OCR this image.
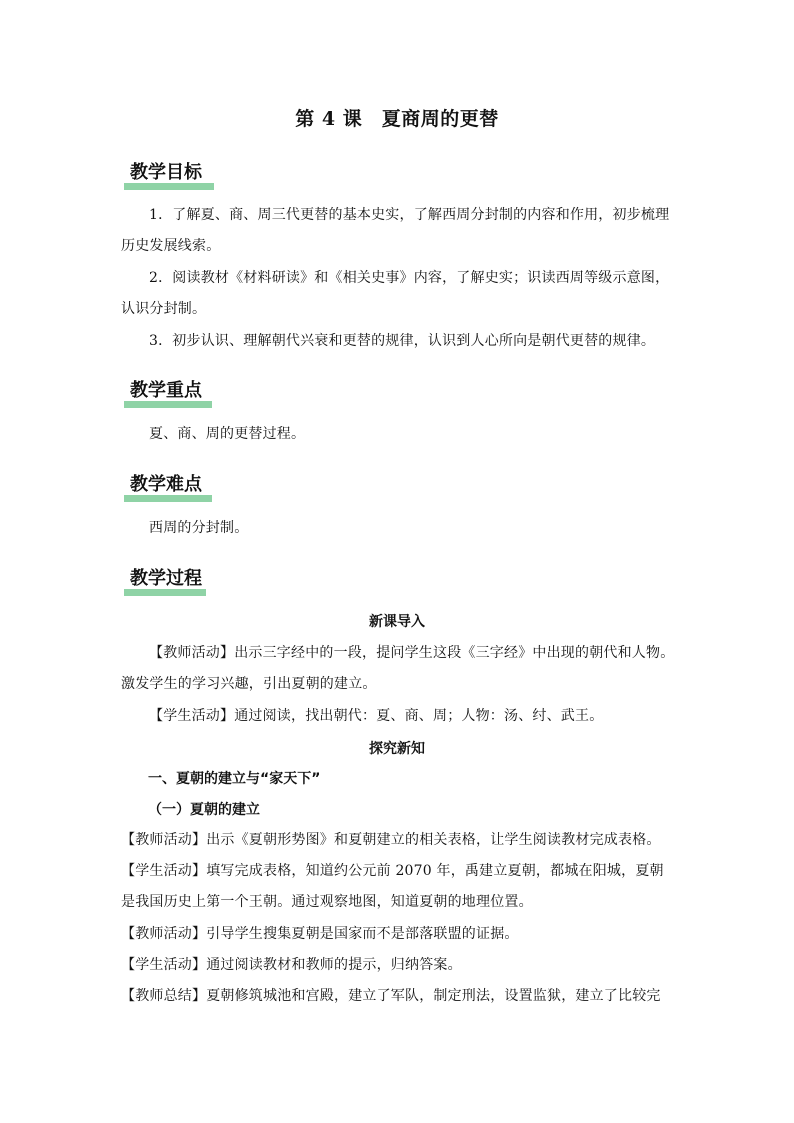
第 4 课　夏商周的更替
教学目标
1．了解夏、商、周三代更替的基本史实，了解西周分封制的内容和作用，初步梳理历史发展线索。
2．阅读教材《材料研读》和《相关史事》内容，了解史实；识读西周等级示意图，认识分封制。
3．初步认识、理解朝代兴衰和更替的规律，认识到人心所向是朝代更替的规律。
教学重点
夏、商、周的更替过程。
教学难点
西周的分封制。
教学过程
新课导入
【教师活动】出示三字经中的一段，提问学生这段《三字经》中出现的朝代和人物。激发学生的学习兴趣，引出夏朝的建立。
【学生活动】通过阅读，找出朝代：夏、商、周；人物：汤、纣、武王。
探究新知
一、夏朝的建立与“家天下”
（一）夏朝的建立
【教师活动】出示《夏朝形势图》和夏朝建立的相关表格，让学生阅读教材完成表格。
【学生活动】填写完成表格，知道约公元前 2070 年，禹建立夏朝，都城在阳城，夏朝是我国历史上第一个王朝。通过观察地图，知道夏朝的地理位置。
【教师活动】引导学生搜集夏朝是国家而不是部落联盟的证据。
【学生活动】通过阅读教材和教师的提示，归纳答案。
【教师总结】夏朝修筑城池和宫殿，建立了军队，制定刑法，设置监狱，建立了比较完
